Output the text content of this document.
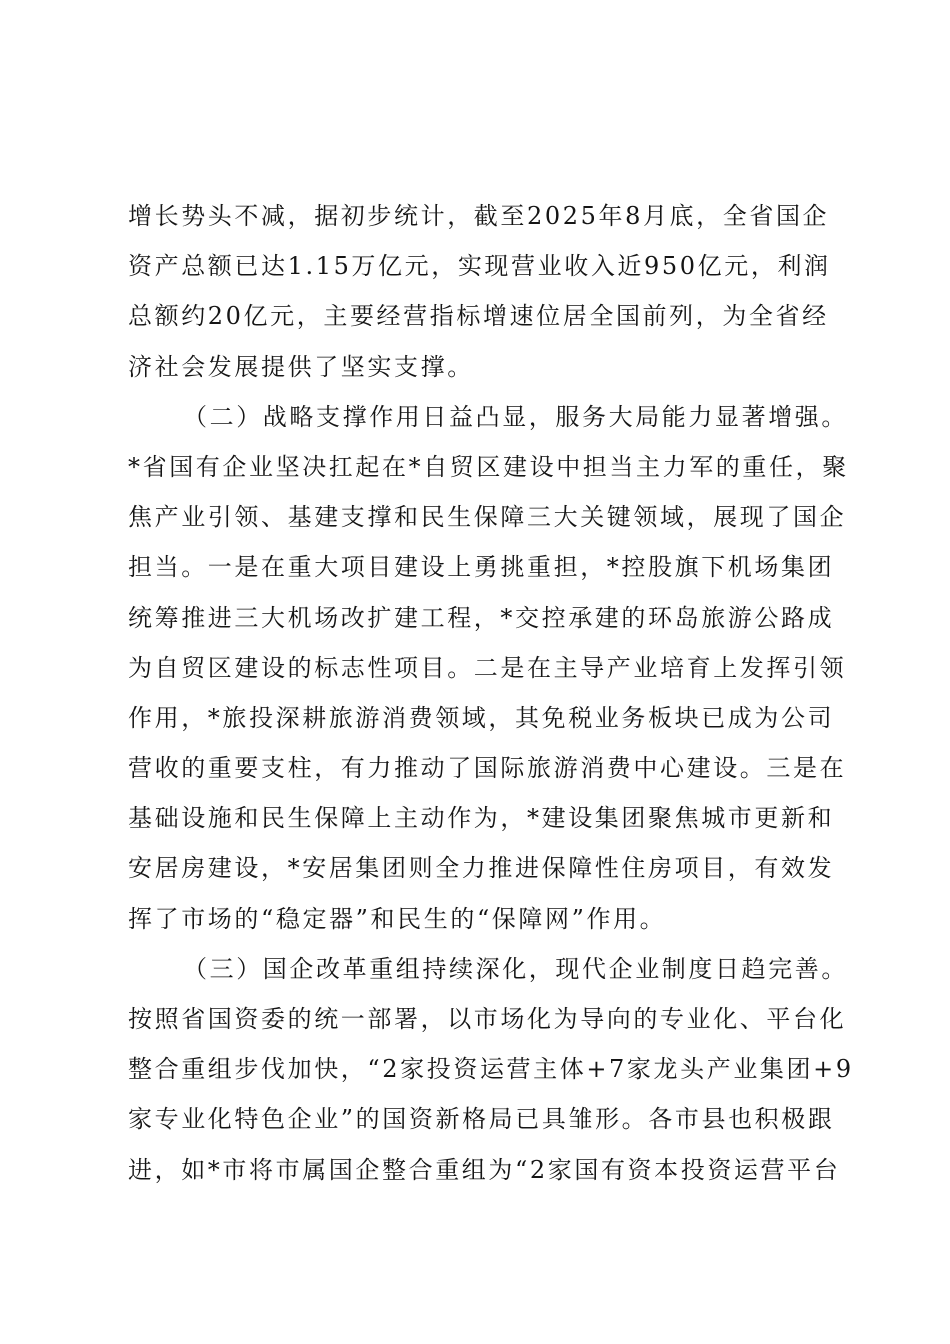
增长势头不减，据初步统计，截至2025年8月底，全省国企
资产总额已达1.15万亿元，实现营业收入近950亿元，利润
总额约20亿元，主要经营指标增速位居全国前列，为全省经
济社会发展提供了坚实支撑。
（二）战略支撑作用日益凸显，服务大局能力显著增强。
*省国有企业坚决扛起在*自贸区建设中担当主力军的重任，聚
焦产业引领、基建支撑和民生保障三大关键领域，展现了国企
担当。一是在重大项目建设上勇挑重担，*控股旗下机场集团
统筹推进三大机场改扩建工程，*交控承建的环岛旅游公路成
为自贸区建设的标志性项目。二是在主导产业培育上发挥引领
作用，*旅投深耕旅游消费领域，其免税业务板块已成为公司
营收的重要支柱，有力推动了国际旅游消费中心建设。三是在
基础设施和民生保障上主动作为，*建设集团聚焦城市更新和
安居房建设，*安居集团则全力推进保障性住房项目，有效发
挥了市场的“稳定器”和民生的“保障网”作用。
（三）国企改革重组持续深化，现代企业制度日趋完善。
按照省国资委的统一部署，以市场化为导向的专业化、平台化
整合重组步伐加快，“2家投资运营主体+7家龙头产业集团+9
家专业化特色企业”的国资新格局已具雏形。各市县也积极跟
进，如*市将市属国企整合重组为“2家国有资本投资运营平台
